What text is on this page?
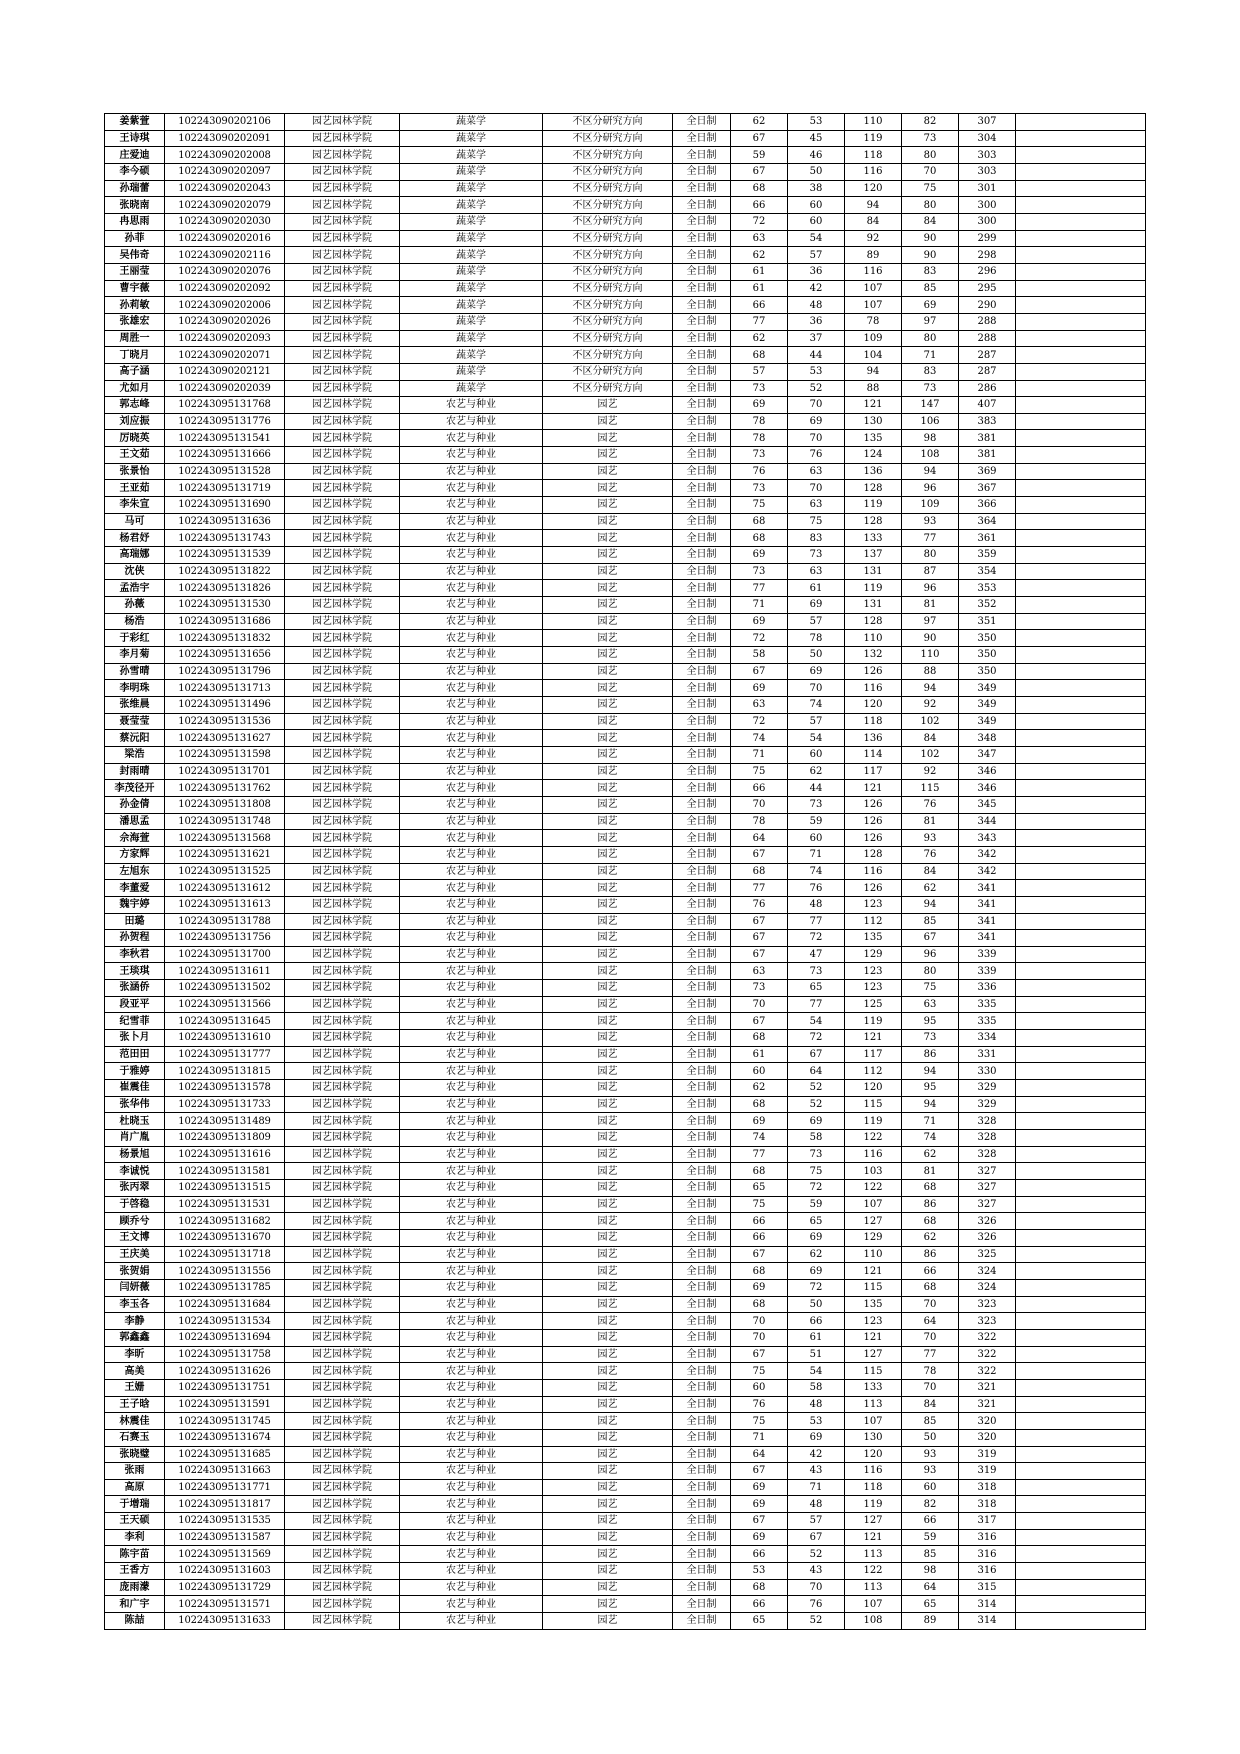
姜紫萱	102243090202106	园艺园林学院	蔬菜学	不区分研究方向	全日制	62	53	110	82	307	
王诗琪	102243090202091	园艺园林学院	蔬菜学	不区分研究方向	全日制	67	45	119	73	304	
庄爱迪	102243090202008	园艺园林学院	蔬菜学	不区分研究方向	全日制	59	46	118	80	303	
李今硕	102243090202097	园艺园林学院	蔬菜学	不区分研究方向	全日制	67	50	116	70	303	
孙瑞蕾	102243090202043	园艺园林学院	蔬菜学	不区分研究方向	全日制	68	38	120	75	301	
张晓南	102243090202079	园艺园林学院	蔬菜学	不区分研究方向	全日制	66	60	94	80	300	
冉思雨	102243090202030	园艺园林学院	蔬菜学	不区分研究方向	全日制	72	60	84	84	300	
孙菲	102243090202016	园艺园林学院	蔬菜学	不区分研究方向	全日制	63	54	92	90	299	
吴伟奇	102243090202116	园艺园林学院	蔬菜学	不区分研究方向	全日制	62	57	89	90	298	
王丽莹	102243090202076	园艺园林学院	蔬菜学	不区分研究方向	全日制	61	36	116	83	296	
曹宇薇	102243090202092	园艺园林学院	蔬菜学	不区分研究方向	全日制	61	42	107	85	295	
孙莉敏	102243090202006	园艺园林学院	蔬菜学	不区分研究方向	全日制	66	48	107	69	290	
张雄宏	102243090202026	园艺园林学院	蔬菜学	不区分研究方向	全日制	77	36	78	97	288	
周胜一	102243090202093	园艺园林学院	蔬菜学	不区分研究方向	全日制	62	37	109	80	288	
丁晓月	102243090202071	园艺园林学院	蔬菜学	不区分研究方向	全日制	68	44	104	71	287	
高子涵	102243090202121	园艺园林学院	蔬菜学	不区分研究方向	全日制	57	53	94	83	287	
尤如月	102243090202039	园艺园林学院	蔬菜学	不区分研究方向	全日制	73	52	88	73	286	
郭志峰	102243095131768	园艺园林学院	农艺与种业	园艺	全日制	69	70	121	147	407	
刘应振	102243095131776	园艺园林学院	农艺与种业	园艺	全日制	78	69	130	106	383	
厉晓英	102243095131541	园艺园林学院	农艺与种业	园艺	全日制	78	70	135	98	381	
王文茹	102243095131666	园艺园林学院	农艺与种业	园艺	全日制	73	76	124	108	381	
张景怡	102243095131528	园艺园林学院	农艺与种业	园艺	全日制	76	63	136	94	369	
王亚茹	102243095131719	园艺园林学院	农艺与种业	园艺	全日制	73	70	128	96	367	
李朱宣	102243095131690	园艺园林学院	农艺与种业	园艺	全日制	75	63	119	109	366	
马可	102243095131636	园艺园林学院	农艺与种业	园艺	全日制	68	75	128	93	364	
杨君妤	102243095131743	园艺园林学院	农艺与种业	园艺	全日制	68	83	133	77	361	
高瑞娜	102243095131539	园艺园林学院	农艺与种业	园艺	全日制	69	73	137	80	359	
沈侠	102243095131822	园艺园林学院	农艺与种业	园艺	全日制	73	63	131	87	354	
孟浩宇	102243095131826	园艺园林学院	农艺与种业	园艺	全日制	77	61	119	96	353	
孙薇	102243095131530	园艺园林学院	农艺与种业	园艺	全日制	71	69	131	81	352	
杨浩	102243095131686	园艺园林学院	农艺与种业	园艺	全日制	69	57	128	97	351	
于彩红	102243095131832	园艺园林学院	农艺与种业	园艺	全日制	72	78	110	90	350	
李月菊	102243095131656	园艺园林学院	农艺与种业	园艺	全日制	58	50	132	110	350	
孙雪晴	102243095131796	园艺园林学院	农艺与种业	园艺	全日制	67	69	126	88	350	
李明珠	102243095131713	园艺园林学院	农艺与种业	园艺	全日制	69	70	116	94	349	
张维晨	102243095131496	园艺园林学院	农艺与种业	园艺	全日制	63	74	120	92	349	
聂莹莹	102243095131536	园艺园林学院	农艺与种业	园艺	全日制	72	57	118	102	349	
蔡沅阳	102243095131627	园艺园林学院	农艺与种业	园艺	全日制	74	54	136	84	348	
梁浩	102243095131598	园艺园林学院	农艺与种业	园艺	全日制	71	60	114	102	347	
封雨晴	102243095131701	园艺园林学院	农艺与种业	园艺	全日制	75	62	117	92	346	
李茂径开	102243095131762	园艺园林学院	农艺与种业	园艺	全日制	66	44	121	115	346	
孙金倩	102243095131808	园艺园林学院	农艺与种业	园艺	全日制	70	73	126	76	345	
潘思孟	102243095131748	园艺园林学院	农艺与种业	园艺	全日制	78	59	126	81	344	
佘海萱	102243095131568	园艺园林学院	农艺与种业	园艺	全日制	64	60	126	93	343	
方家辉	102243095131621	园艺园林学院	农艺与种业	园艺	全日制	67	71	128	76	342	
左旭东	102243095131525	园艺园林学院	农艺与种业	园艺	全日制	68	74	116	84	342	
李董爱	102243095131612	园艺园林学院	农艺与种业	园艺	全日制	77	76	126	62	341	
魏宇婷	102243095131613	园艺园林学院	农艺与种业	园艺	全日制	76	48	123	94	341	
田璐	102243095131788	园艺园林学院	农艺与种业	园艺	全日制	67	77	112	85	341	
孙贺程	102243095131756	园艺园林学院	农艺与种业	园艺	全日制	67	72	135	67	341	
李秋君	102243095131700	园艺园林学院	农艺与种业	园艺	全日制	67	47	129	96	339	
王琰琪	102243095131611	园艺园林学院	农艺与种业	园艺	全日制	63	73	123	80	339	
张涵侨	102243095131502	园艺园林学院	农艺与种业	园艺	全日制	73	65	123	75	336	
段亚平	102243095131566	园艺园林学院	农艺与种业	园艺	全日制	70	77	125	63	335	
纪雪菲	102243095131645	园艺园林学院	农艺与种业	园艺	全日制	67	54	119	95	335	
张卜月	102243095131610	园艺园林学院	农艺与种业	园艺	全日制	68	72	121	73	334	
范田田	102243095131777	园艺园林学院	农艺与种业	园艺	全日制	61	67	117	86	331	
于雅婷	102243095131815	园艺园林学院	农艺与种业	园艺	全日制	60	64	112	94	330	
崔震佳	102243095131578	园艺园林学院	农艺与种业	园艺	全日制	62	52	120	95	329	
张华伟	102243095131733	园艺园林学院	农艺与种业	园艺	全日制	68	52	115	94	329	
杜晓玉	102243095131489	园艺园林学院	农艺与种业	园艺	全日制	69	69	119	71	328	
肖广胤	102243095131809	园艺园林学院	农艺与种业	园艺	全日制	74	58	122	74	328	
杨景旭	102243095131616	园艺园林学院	农艺与种业	园艺	全日制	77	73	116	62	328	
李诚悦	102243095131581	园艺园林学院	农艺与种业	园艺	全日制	68	75	103	81	327	
张丙翠	102243095131515	园艺园林学院	农艺与种业	园艺	全日制	65	72	122	68	327	
于啓稳	102243095131531	园艺园林学院	农艺与种业	园艺	全日制	75	59	107	86	327	
顾乔兮	102243095131682	园艺园林学院	农艺与种业	园艺	全日制	66	65	127	68	326	
王文博	102243095131670	园艺园林学院	农艺与种业	园艺	全日制	66	69	129	62	326	
王庆美	102243095131718	园艺园林学院	农艺与种业	园艺	全日制	67	62	110	86	325	
张贺娟	102243095131556	园艺园林学院	农艺与种业	园艺	全日制	68	69	121	66	324	
闫妍薇	102243095131785	园艺园林学院	农艺与种业	园艺	全日制	69	72	115	68	324	
李玉各	102243095131684	园艺园林学院	农艺与种业	园艺	全日制	68	50	135	70	323	
李静	102243095131534	园艺园林学院	农艺与种业	园艺	全日制	70	66	123	64	323	
郭鑫鑫	102243095131694	园艺园林学院	农艺与种业	园艺	全日制	70	61	121	70	322	
李昕	102243095131758	园艺园林学院	农艺与种业	园艺	全日制	67	51	127	77	322	
高美	102243095131626	园艺园林学院	农艺与种业	园艺	全日制	75	54	115	78	322	
王姗	102243095131751	园艺园林学院	农艺与种业	园艺	全日制	60	58	133	70	321	
王子晗	102243095131591	园艺园林学院	农艺与种业	园艺	全日制	76	48	113	84	321	
林震佳	102243095131745	园艺园林学院	农艺与种业	园艺	全日制	75	53	107	85	320	
石赛玉	102243095131674	园艺园林学院	农艺与种业	园艺	全日制	71	69	130	50	320	
张晓璧	102243095131685	园艺园林学院	农艺与种业	园艺	全日制	64	42	120	93	319	
张雨	102243095131663	园艺园林学院	农艺与种业	园艺	全日制	67	43	116	93	319	
高原	102243095131771	园艺园林学院	农艺与种业	园艺	全日制	69	71	118	60	318	
于增瑞	102243095131817	园艺园林学院	农艺与种业	园艺	全日制	69	48	119	82	318	
王天硕	102243095131535	园艺园林学院	农艺与种业	园艺	全日制	67	57	127	66	317	
李利	102243095131587	园艺园林学院	农艺与种业	园艺	全日制	69	67	121	59	316	
陈宇苗	102243095131569	园艺园林学院	农艺与种业	园艺	全日制	66	52	113	85	316	
王香方	102243095131603	园艺园林学院	农艺与种业	园艺	全日制	53	43	122	98	316	
庞雨濛	102243095131729	园艺园林学院	农艺与种业	园艺	全日制	68	70	113	64	315	
和广宇	102243095131571	园艺园林学院	农艺与种业	园艺	全日制	66	76	107	65	314	
陈喆	102243095131633	园艺园林学院	农艺与种业	园艺	全日制	65	52	108	89	314	
